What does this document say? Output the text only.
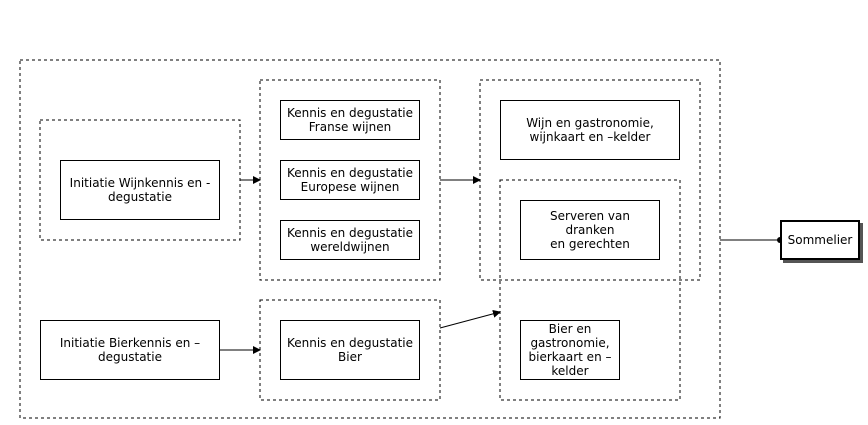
Initiatie Wijnkennis en -
degustatie
Initiatie Bierkennis en –
degustatie
Kennis en degustatie
Franse wijnen
Kennis en degustatie
Europese wijnen
Kennis en degustatie
wereldwijnen
Kennis en degustatie
Bier
Wijn en gastronomie,
wijnkaart en –kelder
Serveren van dranken
en gerechten
Bier en
gastronomie,
bierkaart en –
kelder
Sommelier
